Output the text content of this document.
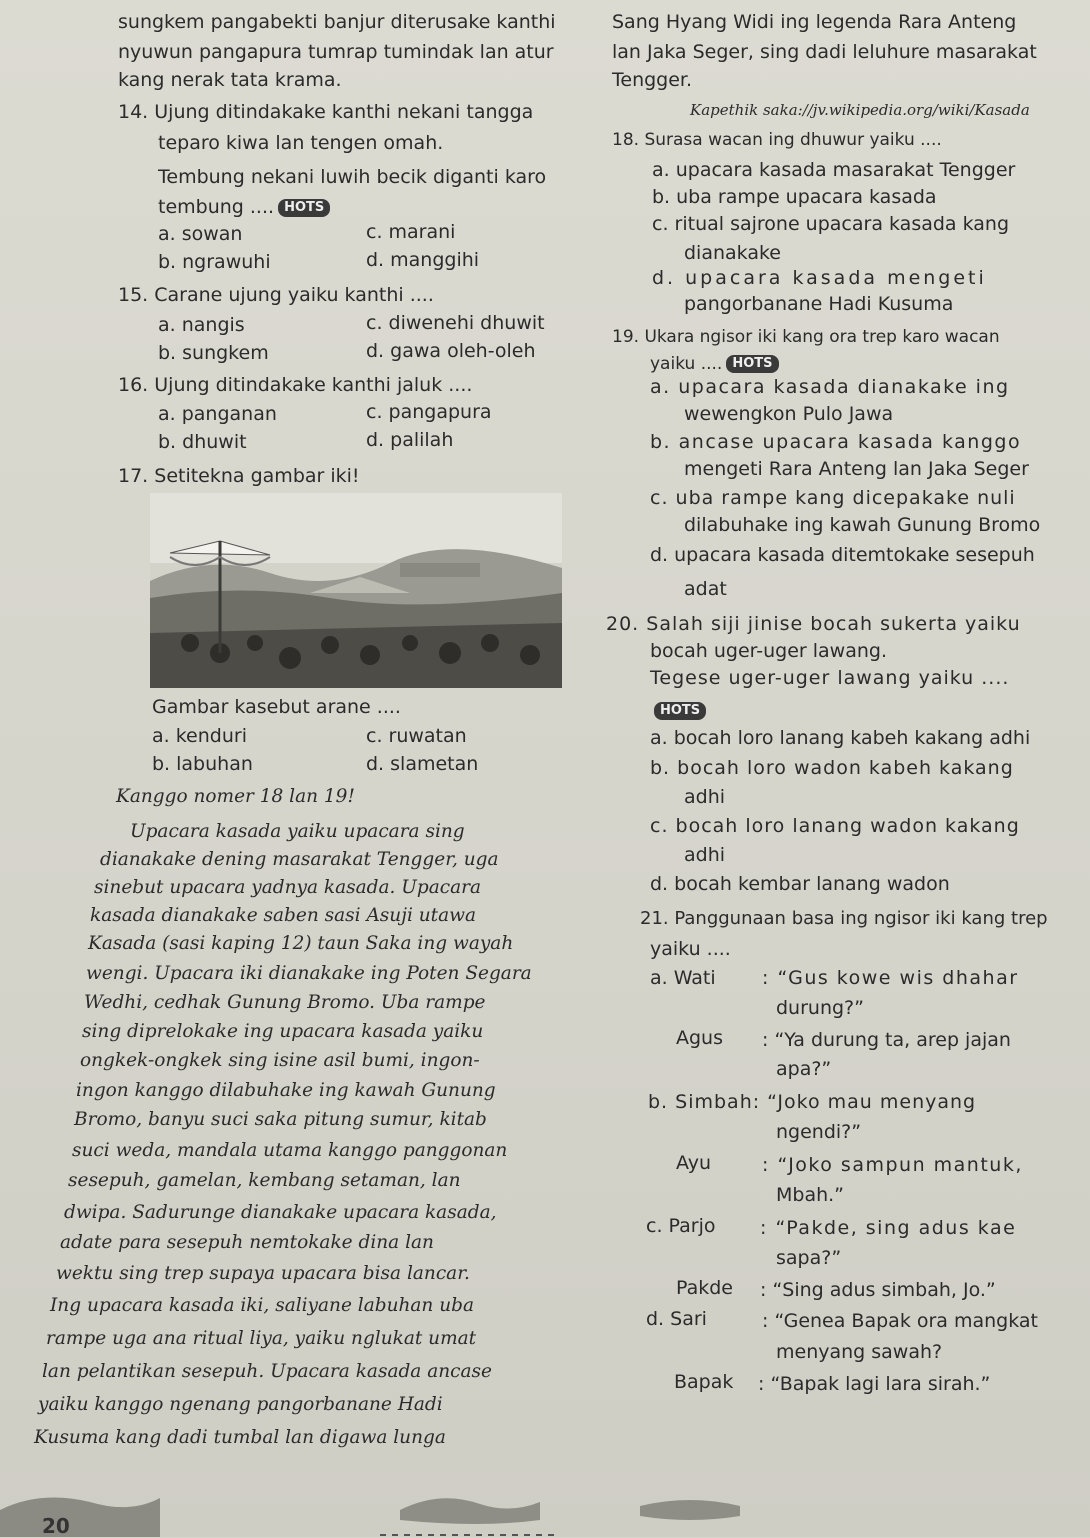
sungkem pangabekti banjur diterusake kanthi
nyuwun pangapura tumrap tumindak lan atur
kang nerak tata krama.
14. Ujung ditindakake kanthi nekani tangga
teparo kiwa lan tengen omah.
Tembung nekani luwih becik diganti karo
tembung .... HOTS
a. sowan	c. marani
b. ngrawuhi	d. manggihi
15. Carane ujung yaiku kanthi ....
a. nangis	c. diwenehi dhuwit
b. sungkem	d. gawa oleh-oleh
16. Ujung ditindakake kanthi jaluk ....
a. panganan	c. pangapura
b. dhuwit	d. palilah
17. Setitekna gambar iki!
Gambar kasebut arane ....
a. kenduri	c. ruwatan
b. labuhan	d. slametan
Kanggo nomer 18 lan 19!
Upacara kasada yaiku upacara sing
dianakake dening masarakat Tengger, uga
sinebut upacara yadnya kasada. Upacara
kasada dianakake saben sasi Asuji utawa
Kasada (sasi kaping 12) taun Saka ing wayah
wengi. Upacara iki dianakake ing Poten Segara
Wedhi, cedhak Gunung Bromo. Uba rampe
sing diprelokake ing upacara kasada yaiku
ongkek-ongkek sing isine asil bumi, ingon-
ingon kanggo dilabuhake ing kawah Gunung
Bromo, banyu suci saka pitung sumur, kitab
suci weda, mandala utama kanggo panggonan
sesepuh, gamelan, kembang setaman, lan
dwipa. Sadurunge dianakake upacara kasada,
adate para sesepuh nemtokake dina lan
wektu sing trep supaya upacara bisa lancar.
Ing upacara kasada iki, saliyane labuhan uba
rampe uga ana ritual liya, yaiku nglukat umat
lan pelantikan sesepuh. Upacara kasada ancase
yaiku kanggo ngenang pangorbanane Hadi
Kusuma kang dadi tumbal lan digawa lunga
Sang Hyang Widi ing legenda Rara Anteng
lan Jaka Seger, sing dadi leluhure masarakat
Tengger.
Kapethik saka://jv.wikipedia.org/wiki/Kasada
18. Surasa wacan ing dhuwur yaiku ....
a. upacara kasada masarakat Tengger
b. uba rampe upacara kasada
c. ritual sajrone upacara kasada kang
dianakake
d. upacara kasada mengeti
pangorbanane Hadi Kusuma
19. Ukara ngisor iki kang ora trep karo wacan
yaiku .... HOTS
a. upacara kasada dianakake ing
wewengkon Pulo Jawa
b. ancase upacara kasada kanggo
mengeti Rara Anteng lan Jaka Seger
c. uba rampe kang dicepakake nuli
dilabuhake ing kawah Gunung Bromo
d. upacara kasada ditemtokake sesepuh
adat
20. Salah siji jinise bocah sukerta yaiku
bocah uger-uger lawang.
Tegese uger-uger lawang yaiku ....
HOTS
a. bocah loro lanang kabeh kakang adhi
b. bocah loro wadon kabeh kakang
adhi
c. bocah loro lanang wadon kakang
adhi
d. bocah kembar lanang wadon
21. Panggunaan basa ing ngisor iki kang trep
yaiku ....
a. Wati : “Gus kowe wis dhahar
durung?”
Agus : “Ya durung ta, arep jajan
apa?”
b. Simbah: “Joko mau menyang
ngendi?”
Ayu	: “Joko sampun mantuk,
Mbah.”
c. Parjo : “Pakde, sing adus kae
sapa?”
Pakde : “Sing adus simbah, Jo.”
d. Sari	: “Genea Bapak ora mangkat
menyang sawah?
Bapak : “Bapak lagi lara sirah.”
20
